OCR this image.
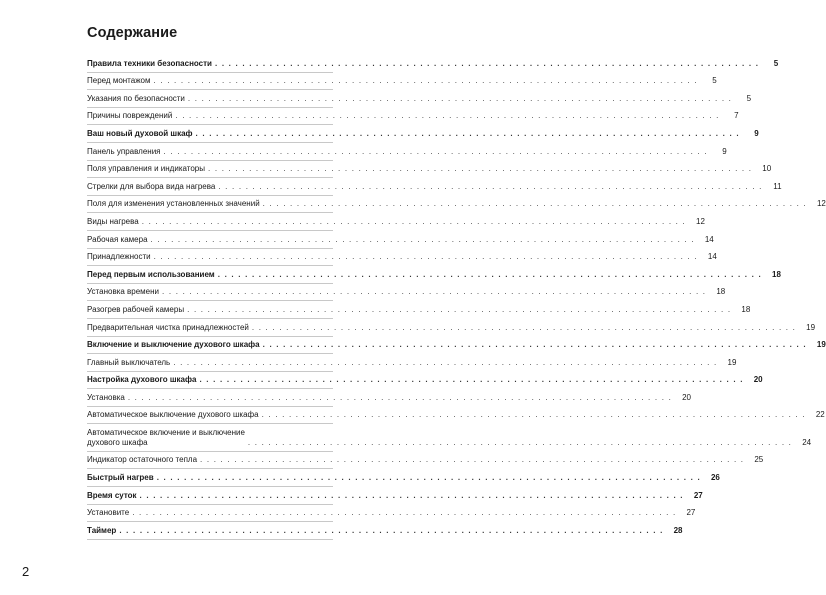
Содержание
Правила техники безопасности . . . . . . . . . . . . . . . . . . . . . . . . . . . . . . . . . . . . . . . . . . . . . . . . . . . . . . . . . . . . . . . . . . . . . . . . . . . . . . . .	5
Перед монтажом . . . . . . . . . . . . . . . . . . . . . . . . . . . . . . . . . . . . . . . . . . . . . . . . . . . . . . . . . . . . . . . . . . . . . . . . . . . . . . . .	5
Указания по безопасности . . . . . . . . . . . . . . . . . . . . . . . . . . . . . . . . . . . . . . . . . . . . . . . . . . . . . . . . . . . . . . . . . . . . . . . . . . . . . . . .	5
Причины повреждений . . . . . . . . . . . . . . . . . . . . . . . . . . . . . . . . . . . . . . . . . . . . . . . . . . . . . . . . . . . . . . . . . . . . . . . . . . . . . . . .	7
Ваш новый духовой шкаф . . . . . . . . . . . . . . . . . . . . . . . . . . . . . . . . . . . . . . . . . . . . . . . . . . . . . . . . . . . . . . . . . . . . . . . . . . . . . . . .	9
Панель управления . . . . . . . . . . . . . . . . . . . . . . . . . . . . . . . . . . . . . . . . . . . . . . . . . . . . . . . . . . . . . . . . . . . . . . . . . . . . . . . .	9
Поля управления и индикаторы . . . . . . . . . . . . . . . . . . . . . . . . . . . . . . . . . . . . . . . . . . . . . . . . . . . . . . . . . . . . . . . . . . . . . . . . . . . . . . . .	10
Стрелки для выбора вида нагрева . . . . . . . . . . . . . . . . . . . . . . . . . . . . . . . . . . . . . . . . . . . . . . . . . . . . . . . . . . . . . . . . . . . . . . . . . . . . . . . .	11
Поля для изменения установленных значений . . . . . . . . . . . . . . . . . . . . . . . . . . . . . . . . . . . . . . . . . . . . . . . . . . . . . . . . . . . . . . . . . . . . . . . . . . . . . . . .	12
Виды нагрева . . . . . . . . . . . . . . . . . . . . . . . . . . . . . . . . . . . . . . . . . . . . . . . . . . . . . . . . . . . . . . . . . . . . . . . . . . . . . . . .	12
Рабочая камера . . . . . . . . . . . . . . . . . . . . . . . . . . . . . . . . . . . . . . . . . . . . . . . . . . . . . . . . . . . . . . . . . . . . . . . . . . . . . . . .	14
Принадлежности . . . . . . . . . . . . . . . . . . . . . . . . . . . . . . . . . . . . . . . . . . . . . . . . . . . . . . . . . . . . . . . . . . . . . . . . . . . . . . . .	14
Перед первым использованием . . . . . . . . . . . . . . . . . . . . . . . . . . . . . . . . . . . . . . . . . . . . . . . . . . . . . . . . . . . . . . . . . . . . . . . . . . . . . . . .	18
Установка времени . . . . . . . . . . . . . . . . . . . . . . . . . . . . . . . . . . . . . . . . . . . . . . . . . . . . . . . . . . . . . . . . . . . . . . . . . . . . . . . .	18
Разогрев рабочей камеры . . . . . . . . . . . . . . . . . . . . . . . . . . . . . . . . . . . . . . . . . . . . . . . . . . . . . . . . . . . . . . . . . . . . . . . . . . . . . . . .	18
Предварительная чистка принадлежностей . . . . . . . . . . . . . . . . . . . . . . . . . . . . . . . . . . . . . . . . . . . . . . . . . . . . . . . . . . . . . . . . . . . . . . . . . . . . . . . .	19
Включение и выключение духового шкафа . . . . . . . . . . . . . . . . . . . . . . . . . . . . . . . . . . . . . . . . . . . . . . . . . . . . . . . . . . . . . . . . . . . . . . . . . . . . . . . .	19
Главный выключатель . . . . . . . . . . . . . . . . . . . . . . . . . . . . . . . . . . . . . . . . . . . . . . . . . . . . . . . . . . . . . . . . . . . . . . . . . . . . . . . .	19
Настройка духового шкафа . . . . . . . . . . . . . . . . . . . . . . . . . . . . . . . . . . . . . . . . . . . . . . . . . . . . . . . . . . . . . . . . . . . . . . . . . . . . . . . .	20
Установка . . . . . . . . . . . . . . . . . . . . . . . . . . . . . . . . . . . . . . . . . . . . . . . . . . . . . . . . . . . . . . . . . . . . . . . . . . . . . . . .	20
Автоматическое выключение духового шкафа . . . . . . . . . . . . . . . . . . . . . . . . . . . . . . . . . . . . . . . . . . . . . . . . . . . . . . . . . . . . . . . . . . . . . . . . . . . . . . . .	22
Автоматическое включение и выключение
духового шкафа	. . . . . . . . . . . . . . . . . . . . . . . . . . . . . . . . . . . . . . . . . . . . . . . . . . . . . . . . . . . . . . . . . . . . . . . . . . . . . . . .	24
Индикатор остаточного тепла . . . . . . . . . . . . . . . . . . . . . . . . . . . . . . . . . . . . . . . . . . . . . . . . . . . . . . . . . . . . . . . . . . . . . . . . . . . . . . . .	25
Быстрый нагрев . . . . . . . . . . . . . . . . . . . . . . . . . . . . . . . . . . . . . . . . . . . . . . . . . . . . . . . . . . . . . . . . . . . . . . . . . . . . . . . .	26
Время суток . . . . . . . . . . . . . . . . . . . . . . . . . . . . . . . . . . . . . . . . . . . . . . . . . . . . . . . . . . . . . . . . . . . . . . . . . . . . . . . .	27
Установите . . . . . . . . . . . . . . . . . . . . . . . . . . . . . . . . . . . . . . . . . . . . . . . . . . . . . . . . . . . . . . . . . . . . . . . . . . . . . . . .	27
Таймер . . . . . . . . . . . . . . . . . . . . . . . . . . . . . . . . . . . . . . . . . . . . . . . . . . . . . . . . . . . . . . . . . . . . . . . . . . . . . . . .	28
2
